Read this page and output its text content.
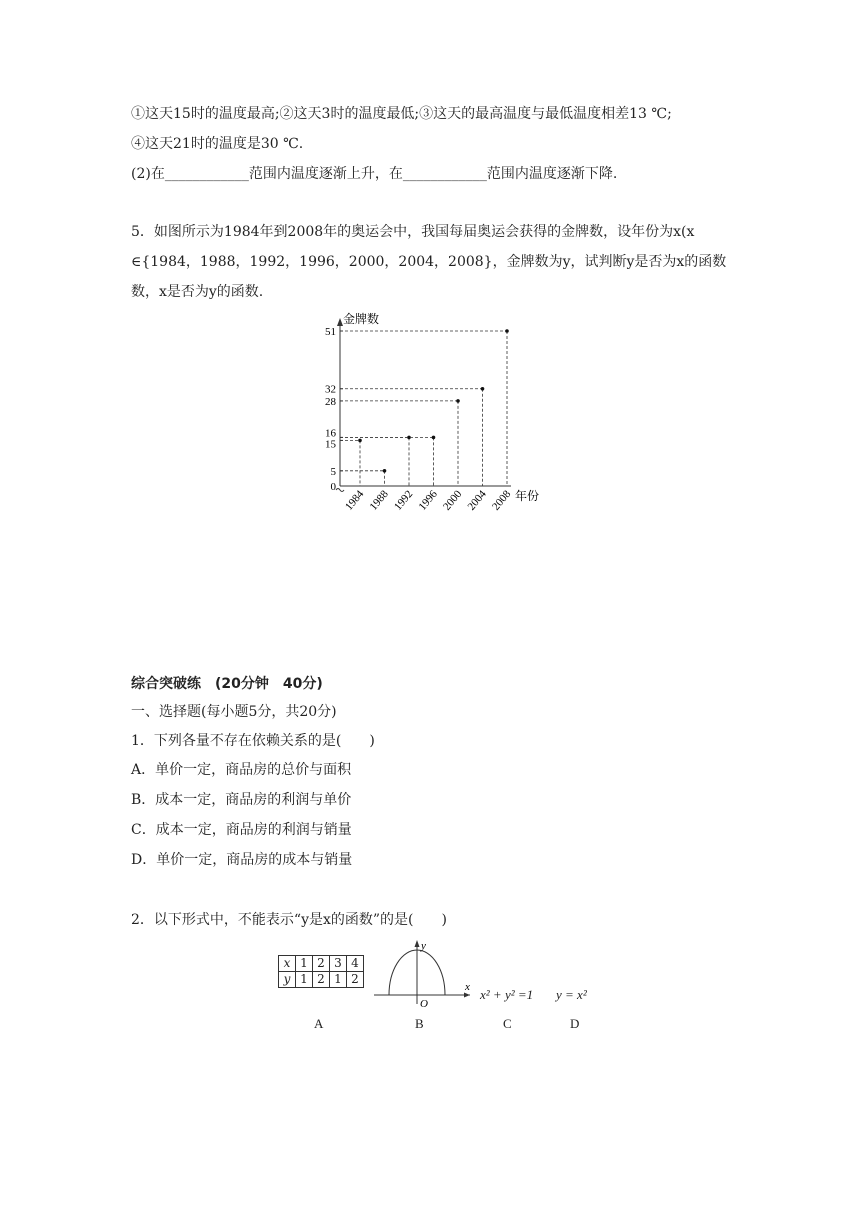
①这天15时的温度最高;②这天3时的温度最低;③这天的最高温度与最低温度相差13 ℃;
④这天21时的温度是30 ℃.
(2)在____________范围内温度逐渐上升，在____________范围内温度逐渐下降.
5．如图所示为1984年到2008年的奥运会中，我国每届奥运会获得的金牌数，设年份为x(x
∈{1984，1988，1992，1996，2000，2004，2008}，金牌数为y，试判断y是否为x的函数
数，x是否为y的函数.
金牌数
年份
0
5
15
16
28
32
51
1984 1988 1992 1996 2000 2004 2008
综合突破练　(20分钟　40分)
一、选择题(每小题5分，共20分)
1．下列各量不存在依赖关系的是(　　)
A．单价一定，商品房的总价与面积
B．成本一定，商品房的利润与单价
C．成本一定，商品房的利润与销量
D．单价一定，商品房的成本与销量
2．以下形式中，不能表示“y是x的函数”的是(　　)
x	1	2	3	4
y	1	2	1	2
x
y
O
x² + y² =1 y = x²
A	B	C	D
